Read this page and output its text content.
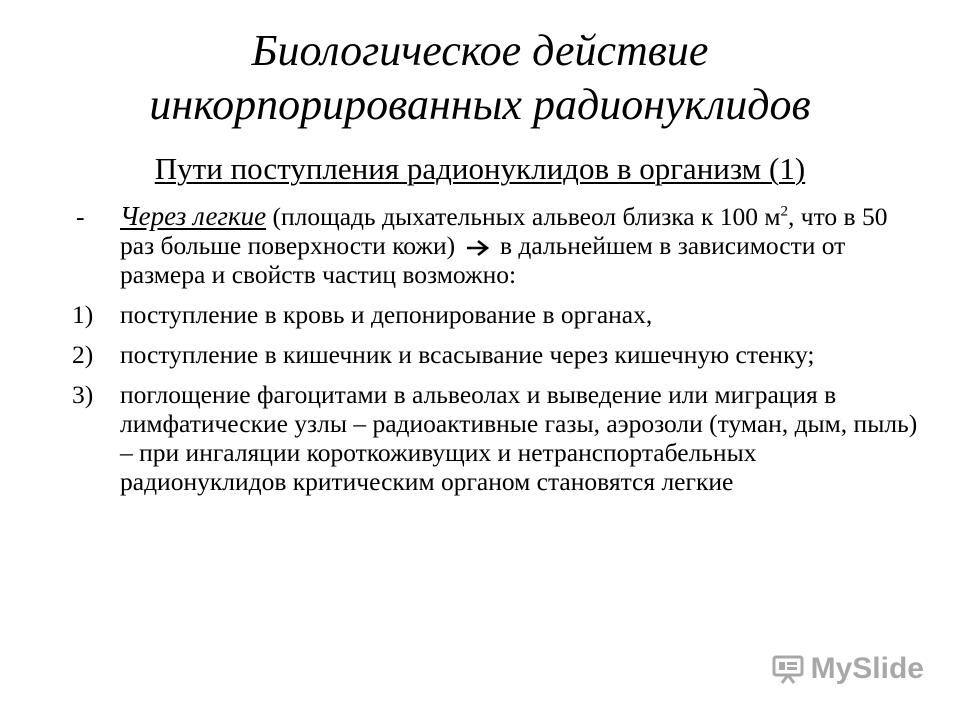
Биологическое действие
инкорпорированных радионуклидов
Пути поступления радионуклидов в организм (1)
- Через легкие (площадь дыхательных альвеол близка к 100 $м^2$, что в 50 раз больше поверхности кожи)  в дальнейшем в зависимости от размера и свойств частиц возможно:
1) поступление в кровь и депонирование в органах,
2) поступление в кишечник и всасывание через кишечную стенку;
3) поглощение фагоцитами в альвеолах и выведение или миграция в лимфатические узлы – радиоактивные газы, аэрозоли (туман, дым, пыль) – при ингаляции короткоживущих и нетранспортабельных радионуклидов критическим органом становятся легкие
MySlide
